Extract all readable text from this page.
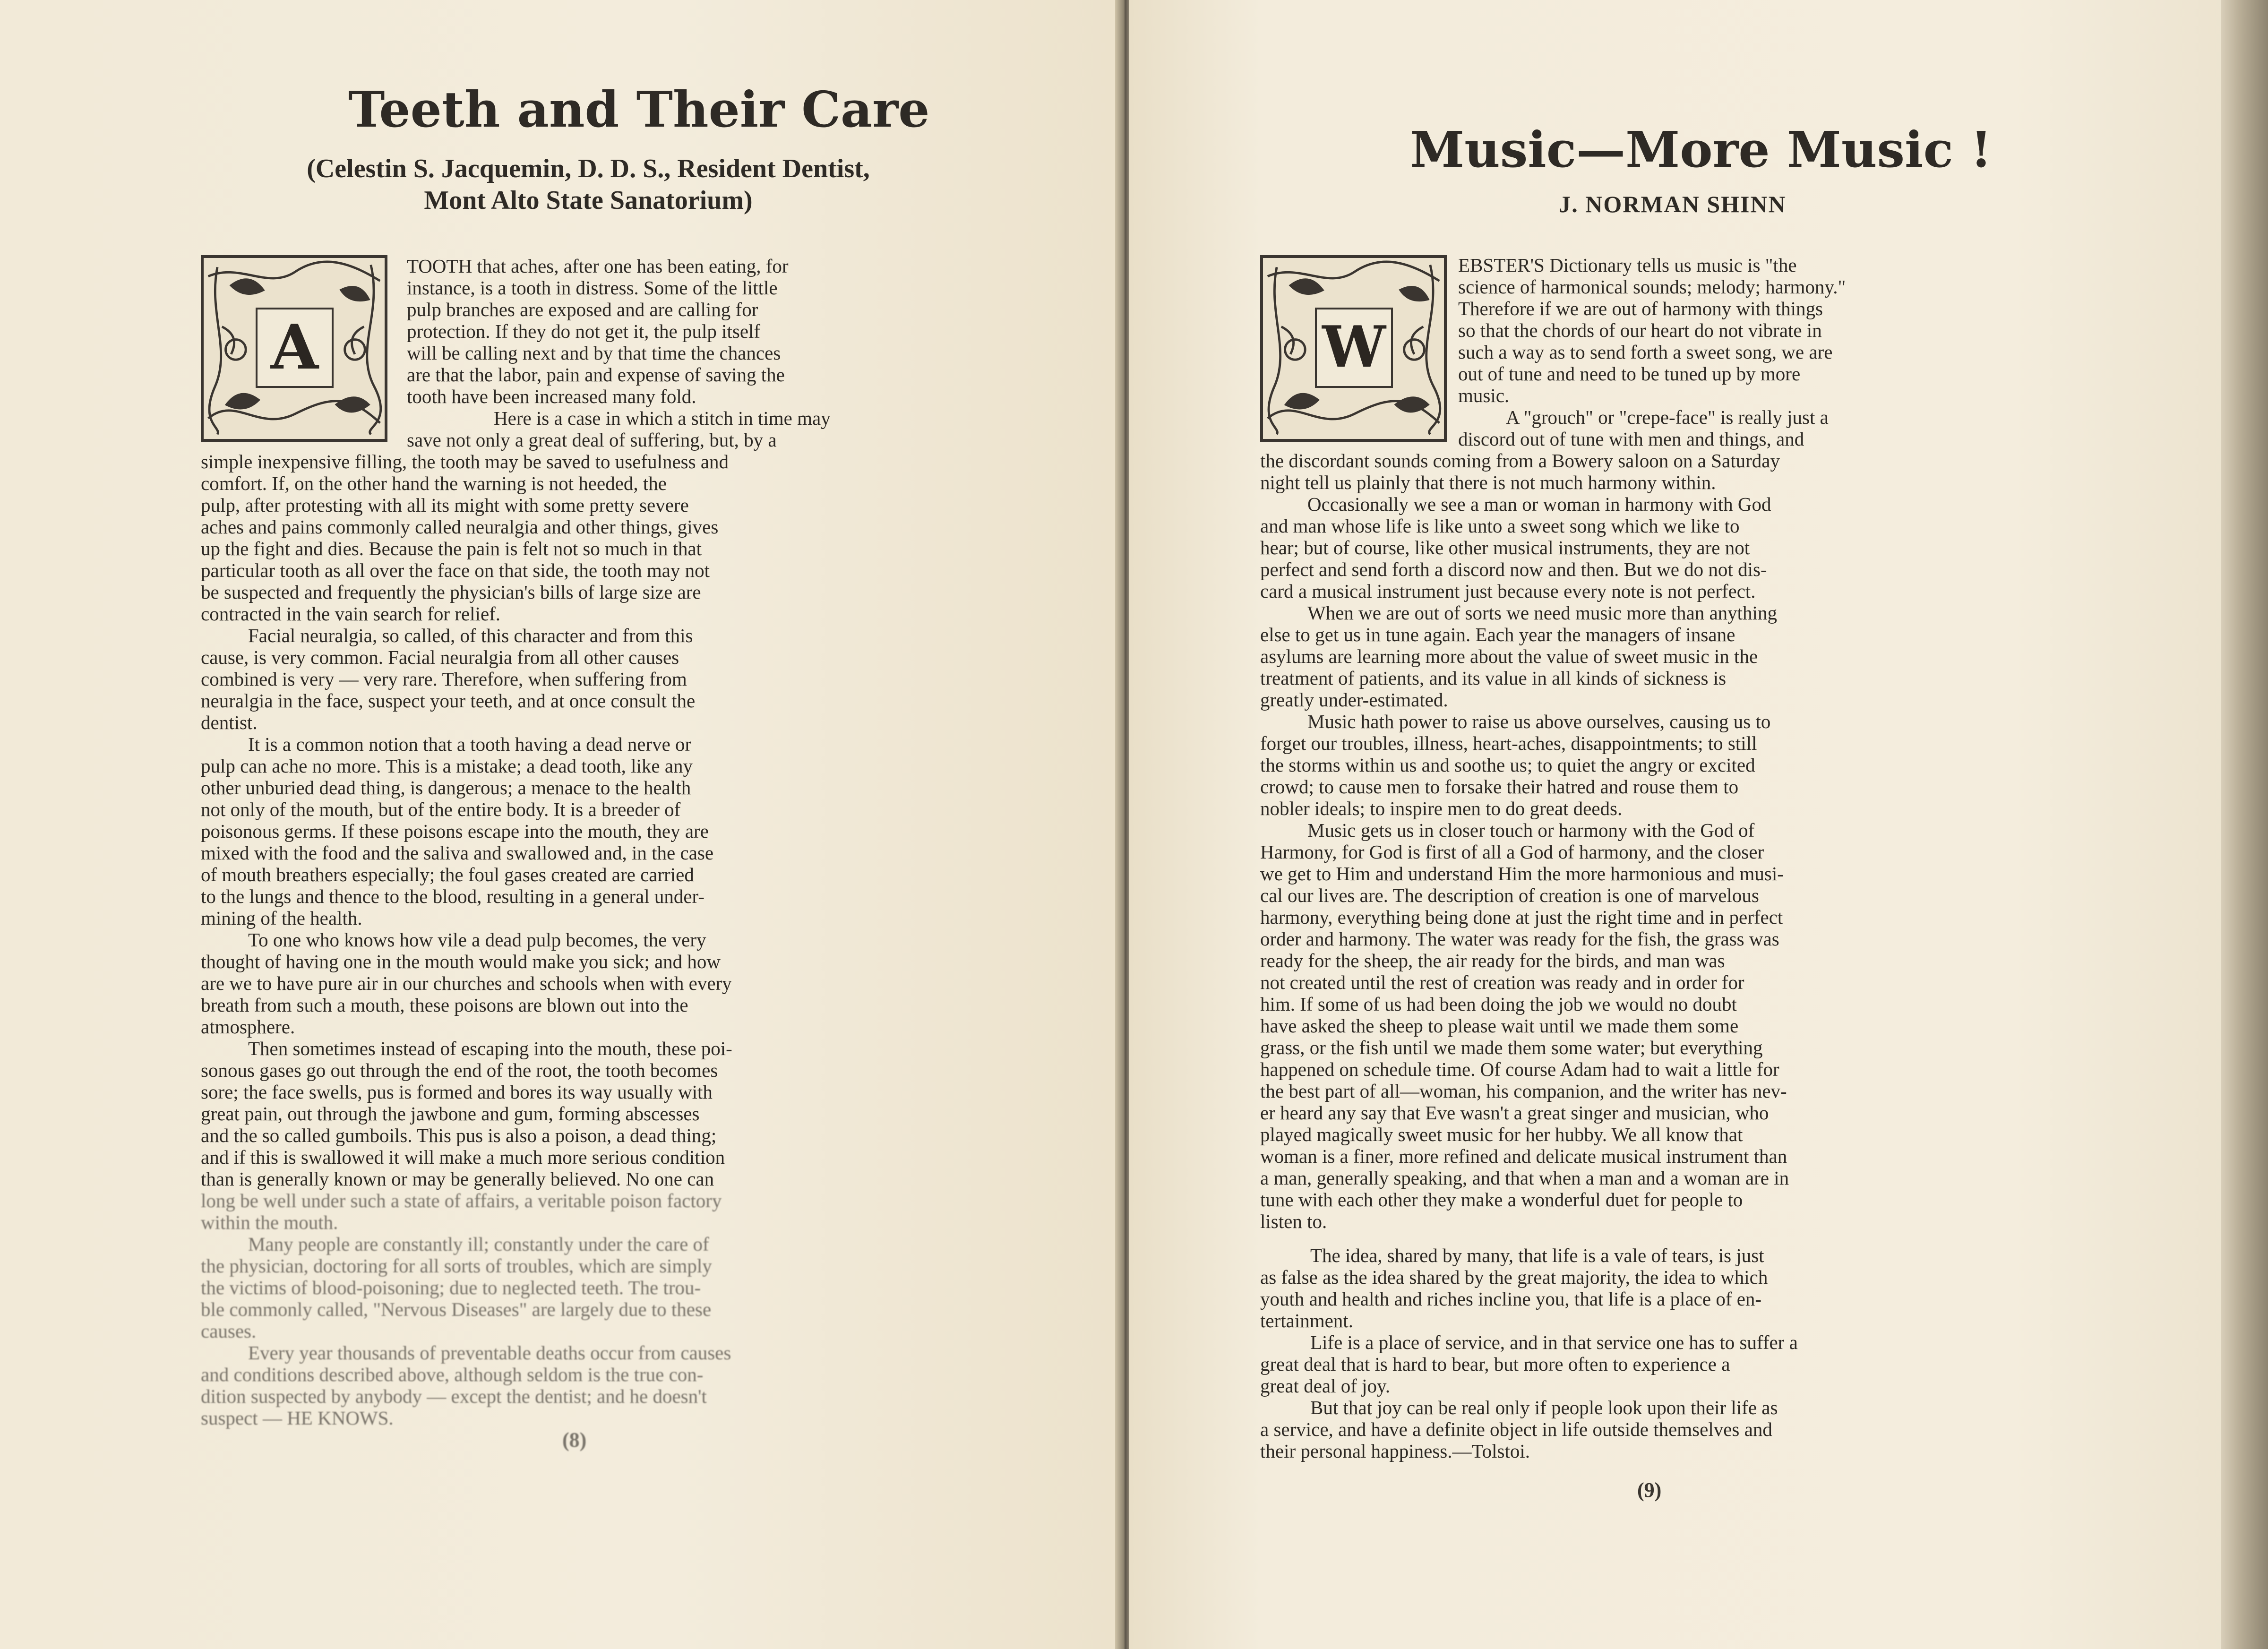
Teeth and Their Care

(Celestin S. Jacquemin, D. D. S., Resident Dentist,

Mont Alto State Sanatorium)

A

TOOTH that aches, after one has been eating, for

instance, is a tooth in distress. Some of the little

pulp branches are exposed and are calling for

protection. If they do not get it, the pulp itself

will be calling next and by that time the chances

are that the labor, pain and expense of saving the

tooth have been increased many fold.

Here is a case in which a stitch in time may

save not only a great deal of suffering, but, by a

simple inexpensive filling, the tooth may be saved to usefulness and

comfort. If, on the other hand the warning is not heeded, the

pulp, after protesting with all its might with some pretty severe

aches and pains commonly called neuralgia and other things, gives

up the fight and dies. Because the pain is felt not so much in that

particular tooth as all over the face on that side, the tooth may not

be suspected and frequently the physician's bills of large size are

contracted in the vain search for relief.

Facial neuralgia, so called, of this character and from this

cause, is very common. Facial neuralgia from all other causes

combined is very — very rare. Therefore, when suffering from

neuralgia in the face, suspect your teeth, and at once consult the

dentist.

It is a common notion that a tooth having a dead nerve or

pulp can ache no more. This is a mistake; a dead tooth, like any

other unburied dead thing, is dangerous; a menace to the health

not only of the mouth, but of the entire body. It is a breeder of

poisonous germs. If these poisons escape into the mouth, they are

mixed with the food and the saliva and swallowed and, in the case

of mouth breathers especially; the foul gases created are carried

to the lungs and thence to the blood, resulting in a general under-

mining of the health.

To one who knows how vile a dead pulp becomes, the very

thought of having one in the mouth would make you sick; and how

are we to have pure air in our churches and schools when with every

breath from such a mouth, these poisons are blown out into the

atmosphere.

Then sometimes instead of escaping into the mouth, these poi-

sonous gases go out through the end of the root, the tooth becomes

sore; the face swells, pus is formed and bores its way usually with

great pain, out through the jawbone and gum, forming abscesses

and the so called gumboils. This pus is also a poison, a dead thing;

and if this is swallowed it will make a much more serious condition

than is generally known or may be generally believed. No one can

long be well under such a state of affairs, a veritable poison factory

within the mouth.

Many people are constantly ill; constantly under the care of

the physician, doctoring for all sorts of troubles, which are simply

the victims of blood-poisoning; due to neglected teeth. The trou-

ble commonly called, "Nervous Diseases" are largely due to these

causes.

Every year thousands of preventable deaths occur from causes

and conditions described above, although seldom is the true con-

dition suspected by anybody — except the dentist; and he doesn't

suspect — HE KNOWS.

(8)

Music—More Music !

J. NORMAN SHINN

W

EBSTER'S Dictionary tells us music is "the

science of harmonical sounds; melody; harmony."

Therefore if we are out of harmony with things

so that the chords of our heart do not vibrate in

such a way as to send forth a sweet song, we are

out of tune and need to be tuned up by more

music.

A "grouch" or "crepe-face" is really just a

discord out of tune with men and things, and

the discordant sounds coming from a Bowery saloon on a Saturday

night tell us plainly that there is not much harmony within.

Occasionally we see a man or woman in harmony with God

and man whose life is like unto a sweet song which we like to

hear; but of course, like other musical instruments, they are not

perfect and send forth a discord now and then. But we do not dis-

card a musical instrument just because every note is not perfect.

When we are out of sorts we need music more than anything

else to get us in tune again. Each year the managers of insane

asylums are learning more about the value of sweet music in the

treatment of patients, and its value in all kinds of sickness is

greatly under-estimated.

Music hath power to raise us above ourselves, causing us to

forget our troubles, illness, heart-aches, disappointments; to still

the storms within us and soothe us; to quiet the angry or excited

crowd; to cause men to forsake their hatred and rouse them to

nobler ideals; to inspire men to do great deeds.

Music gets us in closer touch or harmony with the God of

Harmony, for God is first of all a God of harmony, and the closer

we get to Him and understand Him the more harmonious and musi-

cal our lives are. The description of creation is one of marvelous

harmony, everything being done at just the right time and in perfect

order and harmony. The water was ready for the fish, the grass was

ready for the sheep, the air ready for the birds, and man was

not created until the rest of creation was ready and in order for

him. If some of us had been doing the job we would no doubt

have asked the sheep to please wait until we made them some

grass, or the fish until we made them some water; but everything

happened on schedule time. Of course Adam had to wait a little for

the best part of all—woman, his companion, and the writer has nev-

er heard any say that Eve wasn't a great singer and musician, who

played magically sweet music for her hubby. We all know that

woman is a finer, more refined and delicate musical instrument than

a man, generally speaking, and that when a man and a woman are in

tune with each other they make a wonderful duet for people to

listen to.

The idea, shared by many, that life is a vale of tears, is just

as false as the idea shared by the great majority, the idea to which

youth and health and riches incline you, that life is a place of en-

tertainment.

Life is a place of service, and in that service one has to suffer a

great deal that is hard to bear, but more often to experience a

great deal of joy.

But that joy can be real only if people look upon their life as

a service, and have a definite object in life outside themselves and

their personal happiness.—Tolstoi.

(9)
